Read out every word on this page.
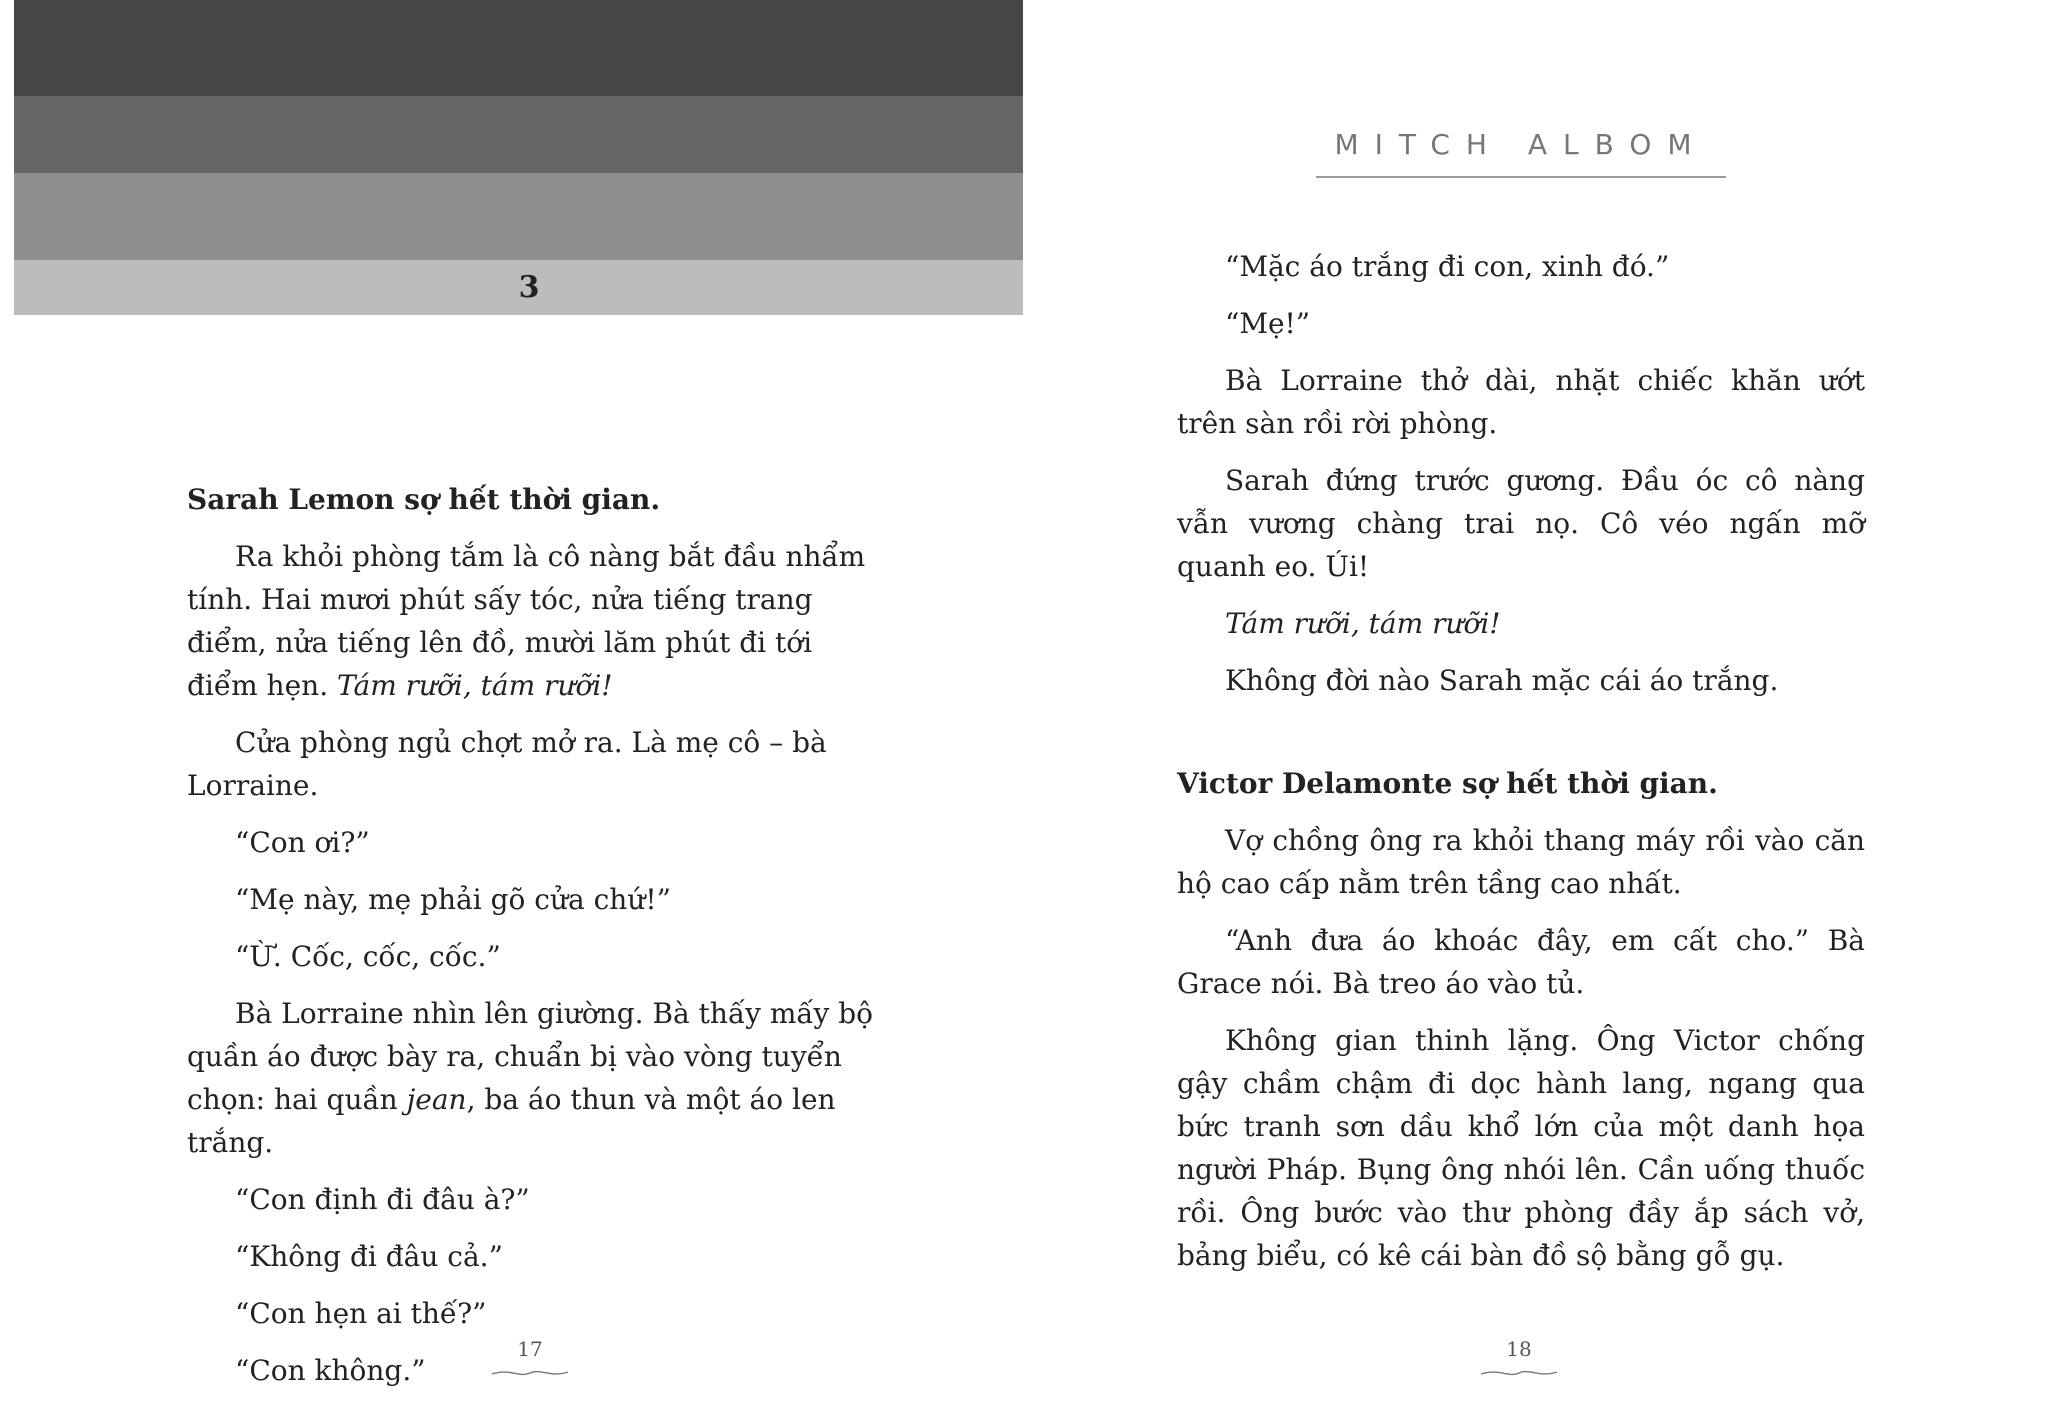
3

Sarah Lemon sợ hết thời gian.

Ra khỏi phòng tắm là cô nàng bắt đầu nhẩm tính. Hai mươi phút sấy tóc, nửa tiếng trang điểm, nửa tiếng lên đồ, mười lăm phút đi tới điểm hẹn. Tám rưỡi, tám rưỡi!

Cửa phòng ngủ chợt mở ra. Là mẹ cô – bà Lorraine.

“Con ơi?”

“Mẹ này, mẹ phải gõ cửa chứ!”

“Ừ. Cốc, cốc, cốc.”

Bà Lorraine nhìn lên giường. Bà thấy mấy bộ quần áo được bày ra, chuẩn bị vào vòng tuyển chọn: hai quần jean, ba áo thun và một áo len trắng.

“Con định đi đâu à?”

“Không đi đâu cả.”

“Con hẹn ai thế?”

“Con không.”

17
MITCH ALBOM

“Mặc áo trắng đi con, xinh đó.”

“Mẹ!”

Bà Lorraine thở dài, nhặt chiếc khăn ướt trên sàn rồi rời phòng.

Sarah đứng trước gương. Đầu óc cô nàng vẫn vương chàng trai nọ. Cô véo ngấn mỡ quanh eo. Úi!

Tám rưỡi, tám rưỡi!

Không đời nào Sarah mặc cái áo trắng.

Victor Delamonte sợ hết thời gian.

Vợ chồng ông ra khỏi thang máy rồi vào căn hộ cao cấp nằm trên tầng cao nhất.

“Anh đưa áo khoác đây, em cất cho.” Bà Grace nói. Bà treo áo vào tủ.

Không gian thinh lặng. Ông Victor chống gậy chầm chậm đi dọc hành lang, ngang qua bức tranh sơn dầu khổ lớn của một danh họa người Pháp. Bụng ông nhói lên. Cần uống thuốc rồi. Ông bước vào thư phòng đầy ắp sách vở, bảng biểu, có kê cái bàn đồ sộ bằng gỗ gụ.

18
